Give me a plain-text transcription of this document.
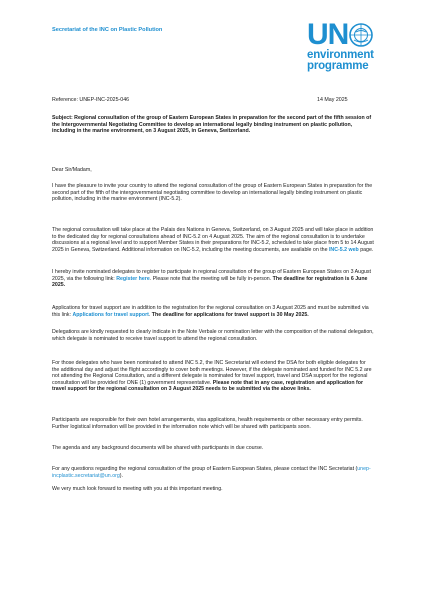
Secretariat of the INC on Plastic Pollution	U N
environment
programme
Reference: UNEP-INC-2025-046	14 May 2025
Subject: Regional consultation of the group of Eastern European States in preparation for the second part of the fifth session of the Intergovernmental Negotiating Committee to develop an international legally binding instrument on plastic pollution, including in the marine environment, on 3 August 2025, in Geneva, Switzerland.
Dear Sir/Madam,
I have the pleasure to invite your country to attend the regional consultation of the group of Eastern European States in preparation for the second part of the fifth of the intergovernmental negotiating committee to develop an international legally binding instrument on plastic pollution, including in the marine environment (INC-5.2).
The regional consultation will take place at the Palais des Nations in Geneva, Switzerland, on 3 August 2025 and will take place in addition to the dedicated day for regional consultations ahead of INC-5.2 on 4 August 2025. The aim of the regional consultation is to undertake discussions at a regional level and to support Member States in their preparations for INC-5.2, scheduled to take place from 5 to 14 August 2025 in Geneva, Switzerland. Additional information on INC-5.2, including the meeting documents, are available on the INC-5.2 web page.
I hereby invite nominated delegates to register to participate in regional consultation of the group of Eastern European States on 3 August 2025, via the following link: Register here. Please note that the meeting will be fully in-person. The deadline for registration is 6 June 2025.
Applications for travel support are in addition to the registration for the regional consultation on 3 August 2025 and must be submitted via this link: Applications for travel support. The deadline for applications for travel support is 30 May 2025.
Delegations are kindly requested to clearly indicate in the Note Verbale or nomination letter with the composition of the national delegation, which delegate is nominated to receive travel support to attend the regional consultation.
For those delegates who have been nominated to attend INC 5.2, the INC Secretariat will extend the DSA for both eligible delegates for the additional day and adjust the flight accordingly to cover both meetings. However, if the delegate nominated and funded for INC 5.2 are not attending the Regional Consultation, and a different delegate is nominated for travel support, travel and DSA support for the regional consultation will be provided for ONE (1) government representative. Please note that in any case, registration and application for travel support for the regional consultation on 3 August 2025 needs to be submitted via the above links.
Participants are responsible for their own hotel arrangements, visa applications, health requirements or other necessary entry permits. Further logistical information will be provided in the information note which will be shared with participants soon.
The agenda and any background documents will be shared with participants in due course.
For any questions regarding the regional consultation of the group of Eastern European States, please contact the INC Secretariat (unep-incplastic.secretariat@un.org).
We very much look forward to meeting with you at this important meeting.
